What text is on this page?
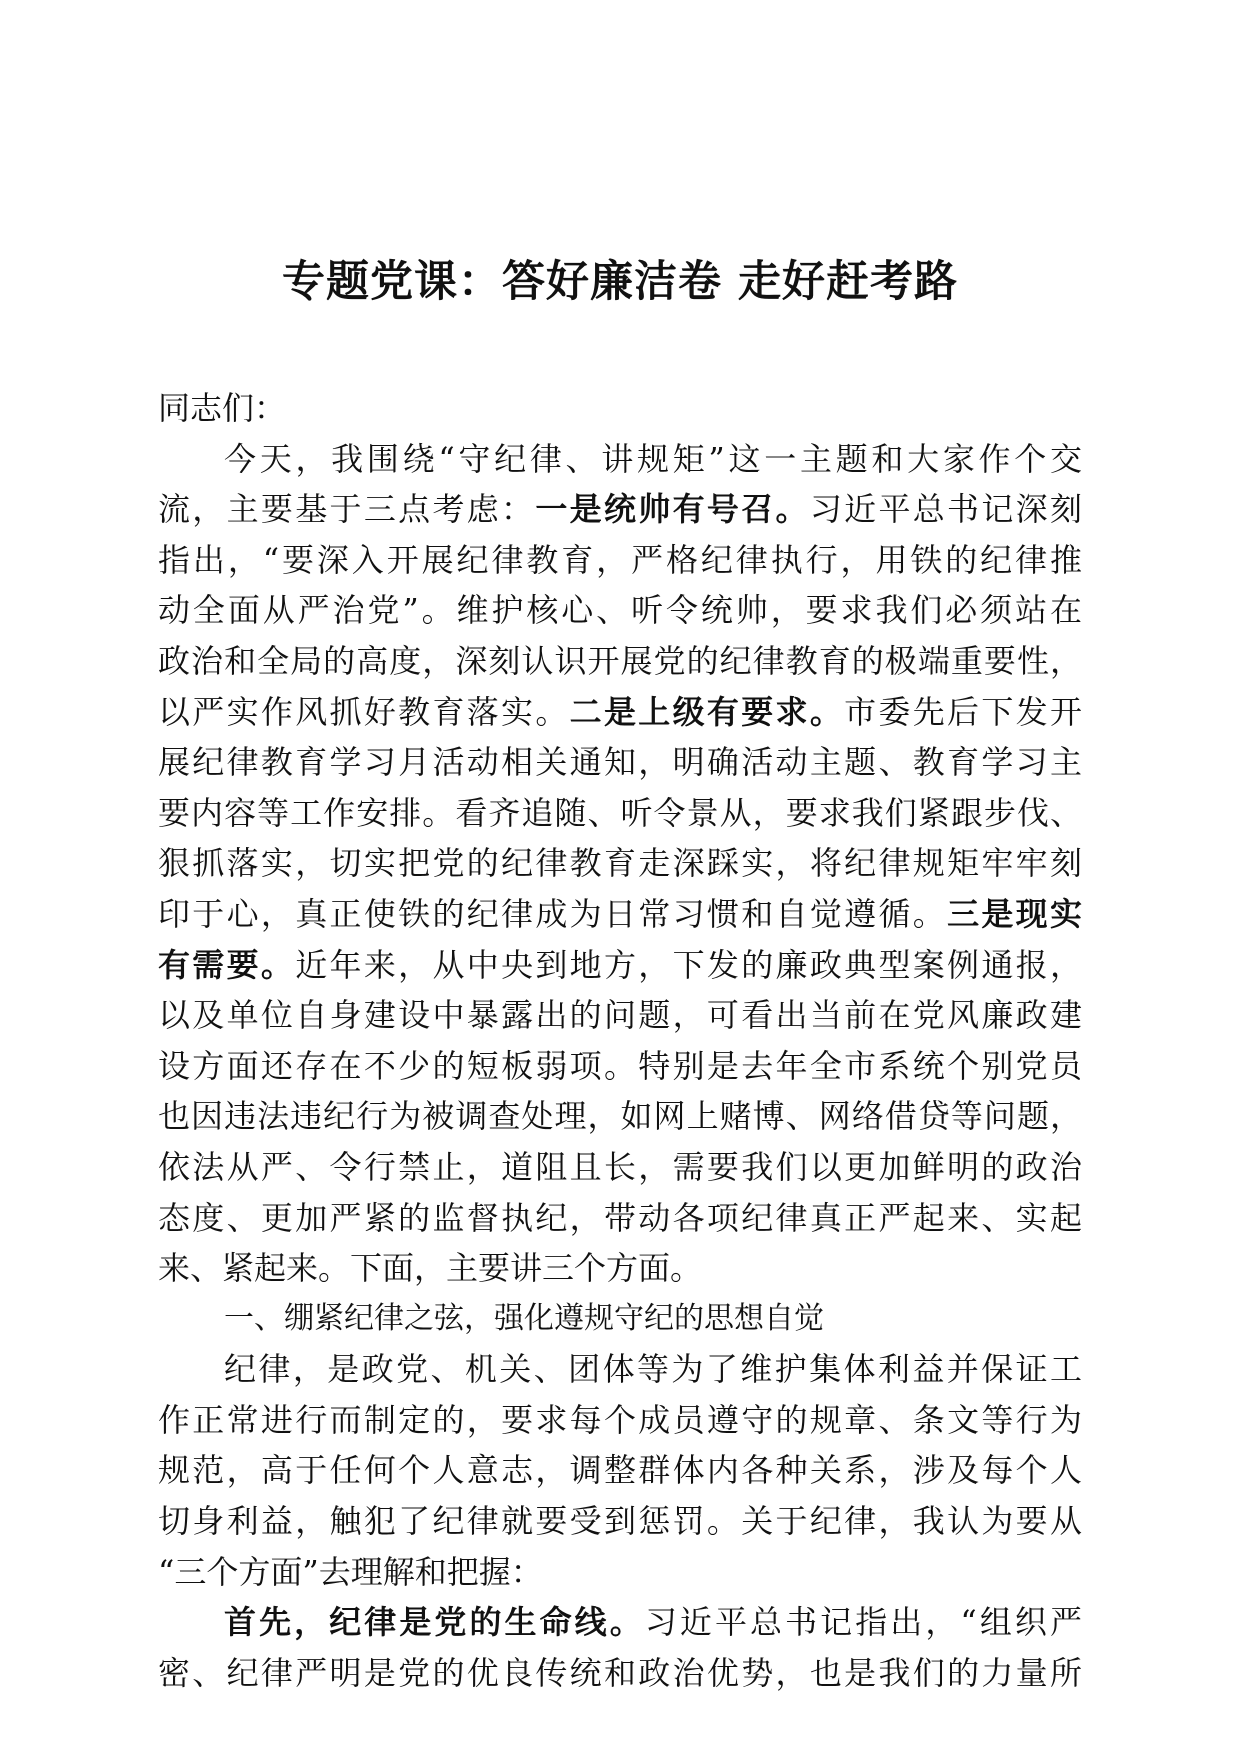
专题党课：答好廉洁卷 走好赶考路
同志们：
今天，我围绕“守纪律、讲规矩”这一主题和大家作个交
流，主要基于三点考虑：一是统帅有号召。习近平总书记深刻
指出，“要深入开展纪律教育，严格纪律执行，用铁的纪律推
动全面从严治党”。维护核心、听令统帅，要求我们必须站在
政治和全局的高度，深刻认识开展党的纪律教育的极端重要性，
以严实作风抓好教育落实。二是上级有要求。市委先后下发开
展纪律教育学习月活动相关通知，明确活动主题、教育学习主
要内容等工作安排。看齐追随、听令景从，要求我们紧跟步伐、
狠抓落实，切实把党的纪律教育走深踩实，将纪律规矩牢牢刻
印于心，真正使铁的纪律成为日常习惯和自觉遵循。三是现实
有需要。近年来，从中央到地方，下发的廉政典型案例通报，
以及单位自身建设中暴露出的问题，可看出当前在党风廉政建
设方面还存在不少的短板弱项。特别是去年全市系统个别党员
也因违法违纪行为被调查处理，如网上赌博、网络借贷等问题，
依法从严、令行禁止，道阻且长，需要我们以更加鲜明的政治
态度、更加严紧的监督执纪，带动各项纪律真正严起来、实起
来、紧起来。下面，主要讲三个方面。
一、绷紧纪律之弦，强化遵规守纪的思想自觉
纪律，是政党、机关、团体等为了维护集体利益并保证工
作正常进行而制定的，要求每个成员遵守的规章、条文等行为
规范，高于任何个人意志，调整群体内各种关系，涉及每个人
切身利益，触犯了纪律就要受到惩罚。关于纪律，我认为要从
“三个方面”去理解和把握：
首先，纪律是党的生命线。习近平总书记指出，“组织严
密、纪律严明是党的优良传统和政治优势，也是我们的力量所
